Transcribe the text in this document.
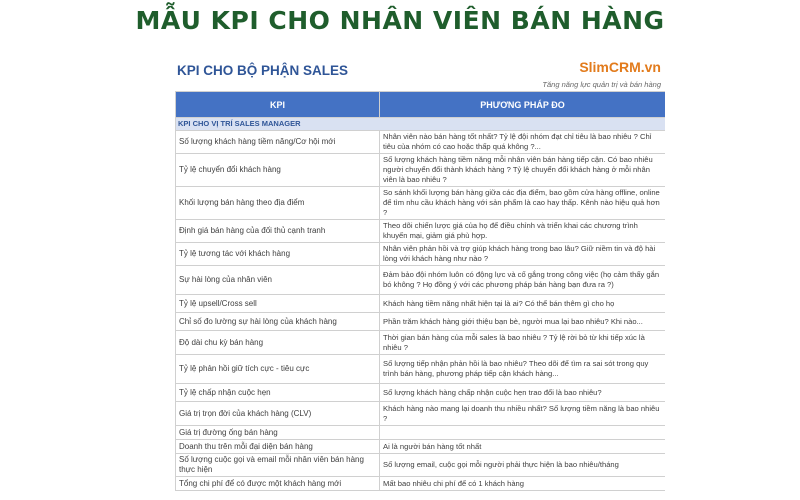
MẪU KPI CHO NHÂN VIÊN BÁN HÀNG
KPI CHO BỘ PHẬN SALES	SlimCRM.vn
Tăng năng lực quản trị và bán hàng
KPI	PHƯƠNG PHÁP ĐO
KPI CHO VỊ TRÍ SALES MANAGER	
Số lượng khách hàng tiềm năng/Cơ hội mới	Nhân viên nào bán hàng tốt nhất? Tỷ lệ đội nhóm đạt chỉ tiêu là bao nhiêu ? Chỉ tiêu của nhóm có cao hoặc thấp quá không ?...
Tỷ lệ chuyển đổi khách hàng	Số lượng khách hàng tiềm năng mỗi nhân viên bán hàng tiếp cận. Có bao nhiêu người chuyển đổi thành khách hàng ? Tỷ lệ chuyển đổi khách hàng ở mỗi nhân viên là bao nhiêu ?
Khối lượng bán hàng theo địa điểm	So sánh khối lượng bán hàng giữa các địa điểm, bao gồm cửa hàng offline, online để tìm nhu cầu khách hàng với sản phẩm là cao hay thấp. Kênh nào hiệu quả hơn ?
Định giá bán hàng của đối thủ cạnh tranh	Theo dõi chiến lược giá của họ để điều chỉnh và triển khai các chương trình khuyến mại, giảm giá phù hợp.
Tỷ lệ tương tác với khách hàng	Nhân viên phản hồi và trợ giúp khách hàng trong bao lâu? Giữ niềm tin và độ hài lòng với khách hàng như nào ?
Sự hài lòng của nhân viên	Đảm bảo đội nhóm luôn có động lực và cố gắng trong công việc (họ cảm thấy gắn bó không ? Họ đồng ý với các phương pháp bán hàng bạn đưa ra ?)
Tỷ lệ upsell/Cross sell	Khách hàng tiềm năng nhất hiện tại là ai? Có thể bán thêm gì cho họ
Chỉ số đo lường sự hài lòng của khách hàng	Phần trăm khách hàng giới thiệu bạn bè, người mua lại bao nhiêu? Khi nào...
Độ dài chu kỳ bán hàng	Thời gian bán hàng của mỗi sales là bao nhiêu ? Tỷ lệ rời bỏ từ khi tiếp xúc là nhiêu ?
Tỷ lệ phản hồi giữ tích cực - tiêu cực	Số lượng tiếp nhận phản hồi là bao nhiêu? Theo dõi để tìm ra sai sót trong quy trình bán hàng, phương pháp tiếp cận khách hàng...
Tỷ lệ chấp nhận cuộc hẹn	Số lượng khách hàng chấp nhận cuộc hẹn trao đổi là bao nhiêu?
Giá trị trọn đời của khách hàng (CLV)	Khách hàng nào mang lại doanh thu nhiều nhất? Số lượng tiềm năng là bao nhiêu ?
Giá trị đường ống bán hàng	
Doanh thu trên mỗi đại diện bán hàng	Ai là người bán hàng tốt nhất
Số lượng cuộc gọi và email mỗi nhân viên bán hàng thực hiện	Số lượng email, cuộc gọi mỗi người phải thực hiện là bao nhiêu/tháng
Tổng chi phí để có được một khách hàng mới	Mất bao nhiêu chi phí để có 1 khách hàng
